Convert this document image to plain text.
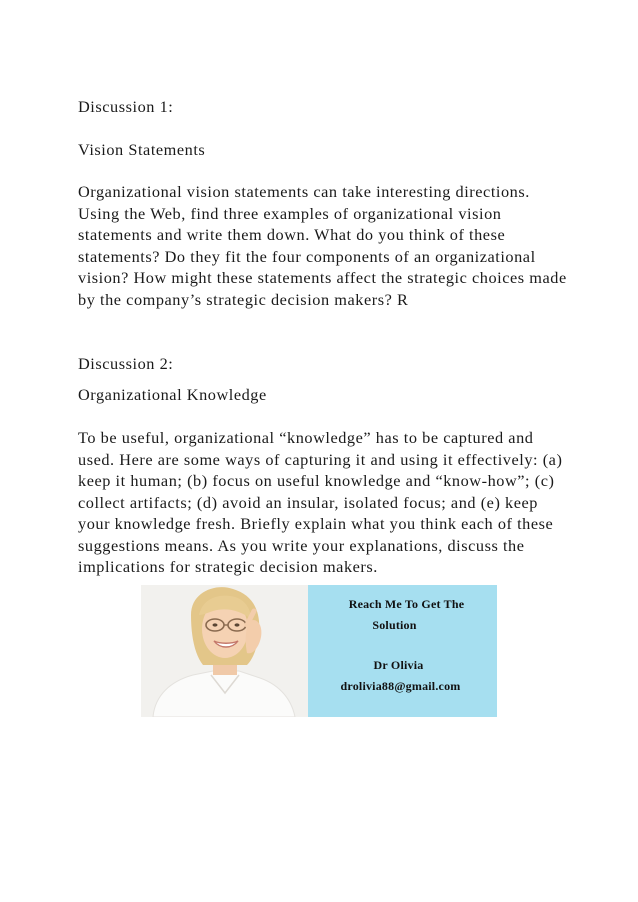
Discussion 1:

Vision Statements

Organizational vision statements can take interesting directions. Using the Web, find three examples of organizational vision statements and write them down. What do you think of these statements? Do they fit the four components of an organizational vision? How might these statements affect the strategic choices made by the company’s strategic decision makers? R

Discussion 2:

Organizational Knowledge

To be useful, organizational “knowledge” has to be captured and used. Here are some ways of capturing it and using it effectively: (a) keep it human; (b) focus on useful knowledge and “know-how”; (c) collect artifacts; (d) avoid an insular, isolated focus; and (e) keep your knowledge fresh. Briefly explain what you think each of these suggestions means. As you write your explanations, discuss the implications for strategic decision makers.

Reach Me To Get The
Solution
Dr Olivia
drolivia88@gmail.com
